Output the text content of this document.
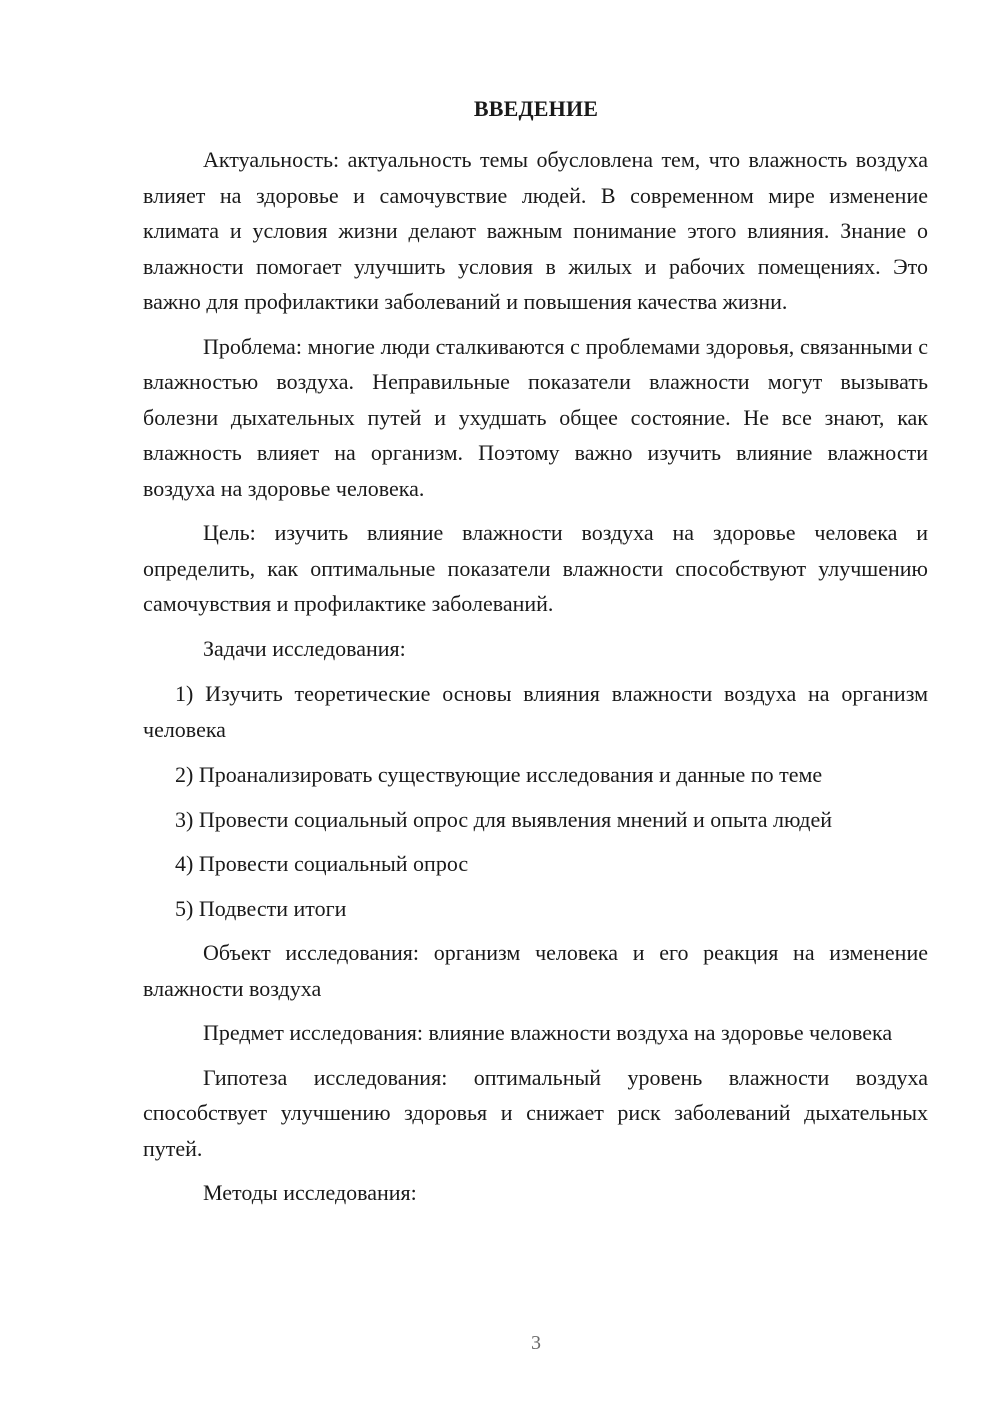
ВВЕДЕНИЕ

Актуальность: актуальность темы обусловлена тем, что влажность воздуха влияет на здоровье и самочувствие людей. В современном мире изменение климата и условия жизни делают важным понимание этого влияния. Знание о влажности помогает улучшить условия в жилых и рабочих помещениях. Это важно для профилактики заболеваний и повышения качества жизни.

Проблема: многие люди сталкиваются с проблемами здоровья, связанными с влажностью воздуха. Неправильные показатели влажности могут вызывать болезни дыхательных путей и ухудшать общее состояние. Не все знают, как влажность влияет на организм. Поэтому важно изучить влияние влажности воздуха на здоровье человека.

Цель: изучить влияние влажности воздуха на здоровье человека и определить, как оптимальные показатели влажности способствуют улучшению самочувствия и профилактике заболеваний.

Задачи исследования:

1) Изучить теоретические основы влияния влажности воздуха на организм человека

2) Проанализировать существующие исследования и данные по теме

3) Провести социальный опрос для выявления мнений и опыта людей

4) Провести социальный опрос

5) Подвести итоги

Объект исследования: организм человека и его реакция на изменение влажности воздуха

Предмет исследования: влияние влажности воздуха на здоровье человека

Гипотеза исследования: оптимальный уровень влажности воздуха способствует улучшению здоровья и снижает риск заболеваний дыхательных путей.

Методы исследования:

3
